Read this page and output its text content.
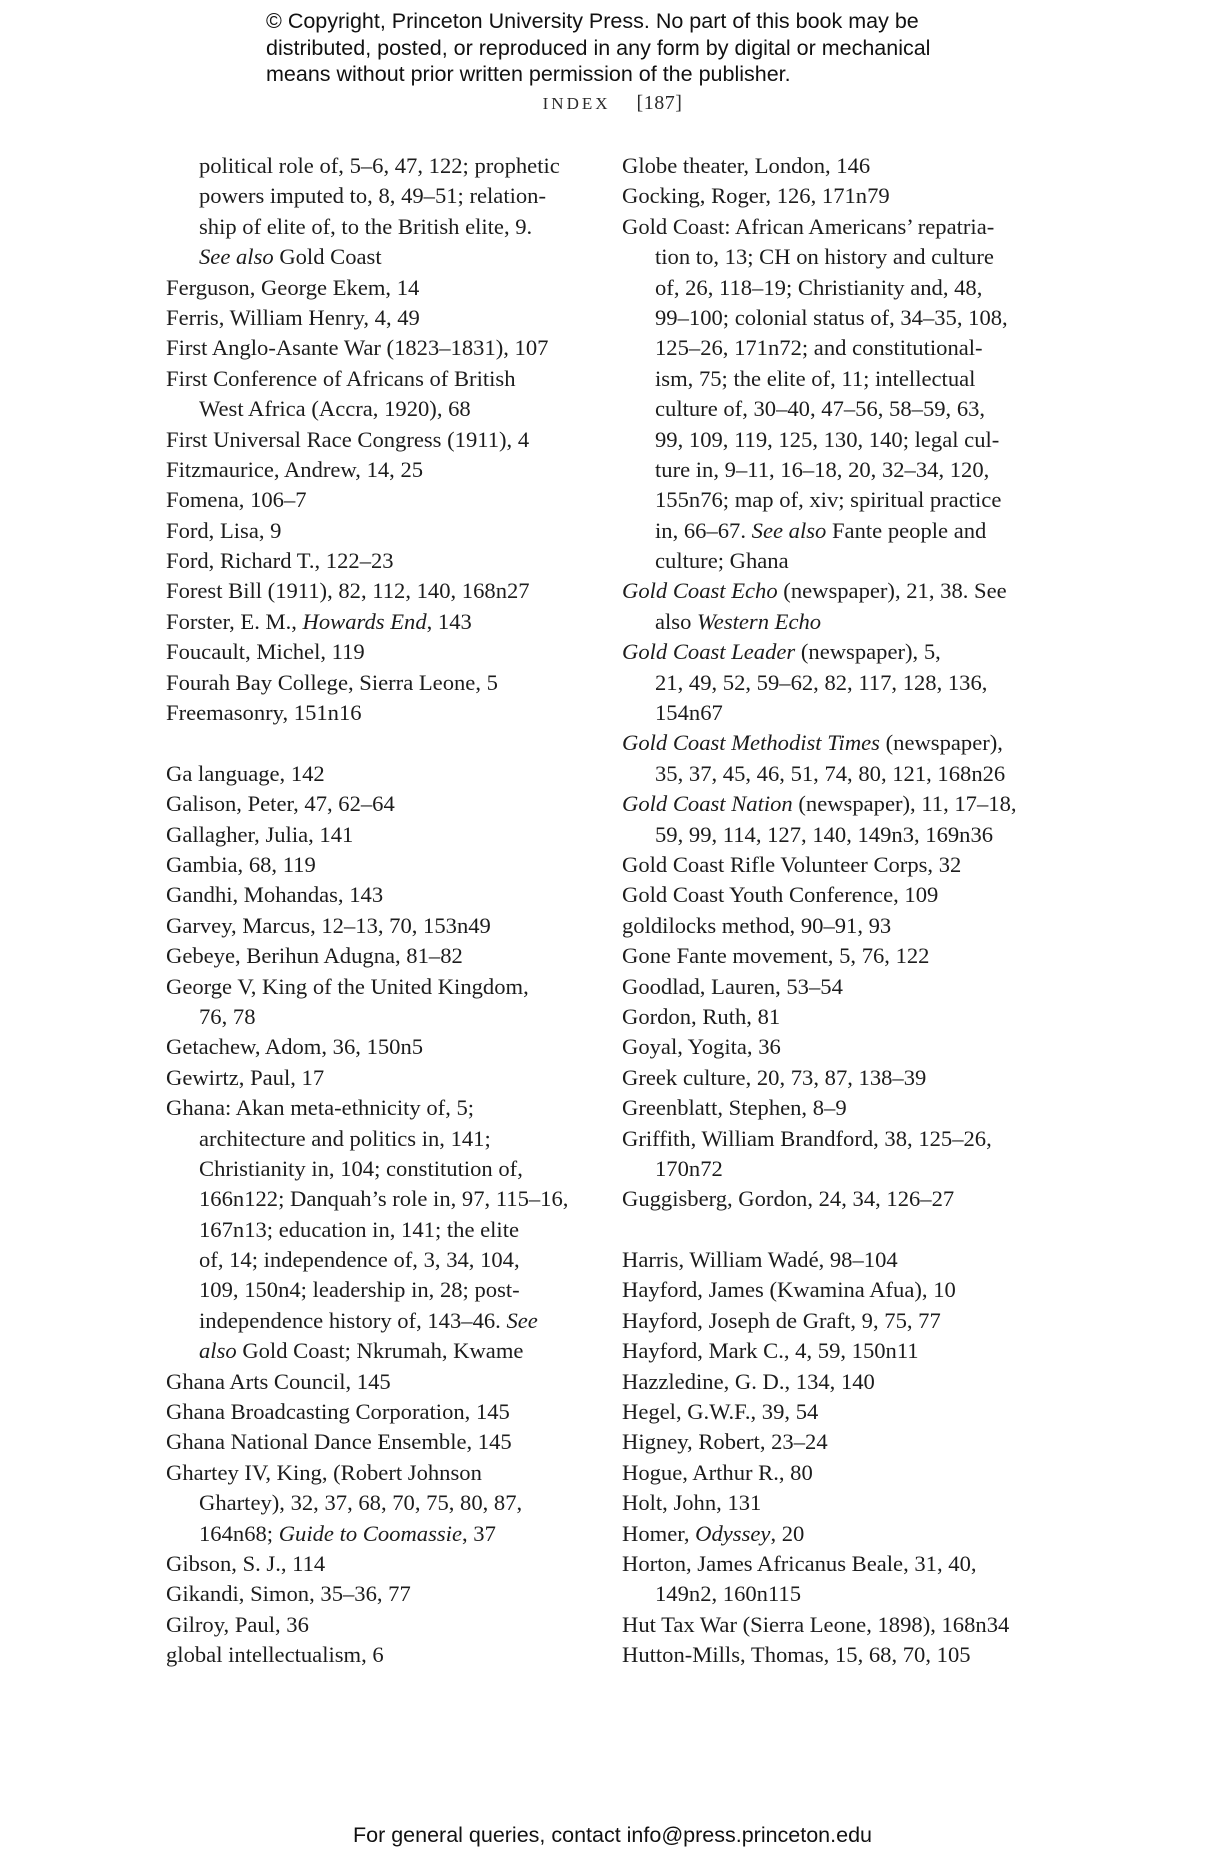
© Copyright, Princeton University Press. No part of this book may be
distributed, posted, or reproduced in any form by digital or mechanical
means without prior written permission of the publisher.
INDEX [187]
political role of, 5–6, 47, 122; prophetic
powers imputed to, 8, 49–51; relation-
ship of elite of, to the British elite, 9.
See also Gold Coast
Ferguson, George Ekem, 14
Ferris, William Henry, 4, 49
First Anglo-Asante War (1823–1831), 107
First Conference of Africans of British
West Africa (Accra, 1920), 68
First Universal Race Congress (1911), 4
Fitzmaurice, Andrew, 14, 25
Fomena, 106–7
Ford, Lisa, 9
Ford, Richard T., 122–23
Forest Bill (1911), 82, 112, 140, 168n27
Forster, E. M., Howards End, 143
Foucault, Michel, 119
Fourah Bay College, Sierra Leone, 5
Freemasonry, 151n16
Ga language, 142
Galison, Peter, 47, 62–64
Gallagher, Julia, 141
Gambia, 68, 119
Gandhi, Mohandas, 143
Garvey, Marcus, 12–13, 70, 153n49
Gebeye, Berihun Adugna, 81–82
George V, King of the United Kingdom,
76, 78
Getachew, Adom, 36, 150n5
Gewirtz, Paul, 17
Ghana: Akan meta-ethnicity of, 5;
architecture and politics in, 141;
Christianity in, 104; constitution of,
166n122; Danquah’s role in, 97, 115–16,
167n13; education in, 141; the elite
of, 14; independence of, 3, 34, 104,
109, 150n4; leadership in, 28; post-
independence history of, 143–46. See
also Gold Coast; Nkrumah, Kwame
Ghana Arts Council, 145
Ghana Broadcasting Corporation, 145
Ghana National Dance Ensemble, 145
Ghartey IV, King, (Robert Johnson
Ghartey), 32, 37, 68, 70, 75, 80, 87,
164n68; Guide to Coomassie, 37
Gibson, S. J., 114
Gikandi, Simon, 35–36, 77
Gilroy, Paul, 36
global intellectualism, 6
Globe theater, London, 146
Gocking, Roger, 126, 171n79
Gold Coast: African Americans’ repatria-
tion to, 13; CH on history and culture
of, 26, 118–19; Christianity and, 48,
99–100; colonial status of, 34–35, 108,
125–26, 171n72; and constitutional-
ism, 75; the elite of, 11; intellectual
culture of, 30–40, 47–56, 58–59, 63,
99, 109, 119, 125, 130, 140; legal cul-
ture in, 9–11, 16–18, 20, 32–34, 120,
155n76; map of, xiv; spiritual practice
in, 66–67. See also Fante people and
culture; Ghana
Gold Coast Echo (newspaper), 21, 38. See
also Western Echo
Gold Coast Leader (newspaper), 5,
21, 49, 52, 59–62, 82, 117, 128, 136,
154n67
Gold Coast Methodist Times (newspaper),
35, 37, 45, 46, 51, 74, 80, 121, 168n26
Gold Coast Nation (newspaper), 11, 17–18,
59, 99, 114, 127, 140, 149n3, 169n36
Gold Coast Rifle Volunteer Corps, 32
Gold Coast Youth Conference, 109
goldilocks method, 90–91, 93
Gone Fante movement, 5, 76, 122
Goodlad, Lauren, 53–54
Gordon, Ruth, 81
Goyal, Yogita, 36
Greek culture, 20, 73, 87, 138–39
Greenblatt, Stephen, 8–9
Griffith, William Brandford, 38, 125–26,
170n72
Guggisberg, Gordon, 24, 34, 126–27
Harris, William Wadé, 98–104
Hayford, James (Kwamina Afua), 10
Hayford, Joseph de Graft, 9, 75, 77
Hayford, Mark C., 4, 59, 150n11
Hazzledine, G. D., 134, 140
Hegel, G.W.F., 39, 54
Higney, Robert, 23–24
Hogue, Arthur R., 80
Holt, John, 131
Homer, Odyssey, 20
Horton, James Africanus Beale, 31, 40,
149n2, 160n115
Hut Tax War (Sierra Leone, 1898), 168n34
Hutton-Mills, Thomas, 15, 68, 70, 105
For general queries, contact info@press.princeton.edu
